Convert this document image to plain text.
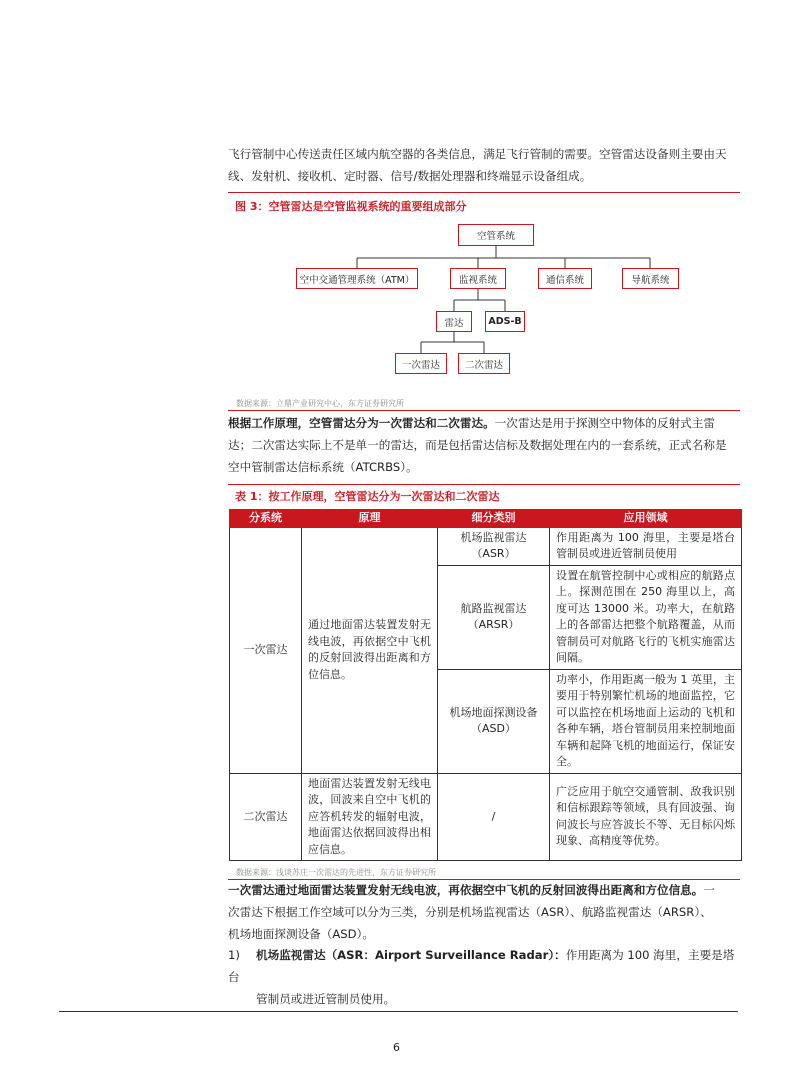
飞行管制中心传送责任区域内航空器的各类信息，满足飞行管制的需要。空管雷达设备则主要由天
线、发射机、接收机、定时器、信号/数据处理器和终端显示设备组成。
图 3：空管雷达是空管监视系统的重要组成部分
空管系统
空中交通管理系统（ATM）	监视系统	通信系统	导航系统
雷达	ADS-B
一次雷达	二次雷达
数据来源：立鼎产业研究中心，东方证券研究所
根据工作原理，空管雷达分为一次雷达和二次雷达。一次雷达是用于探测空中物体的反射式主雷
达；二次雷达实际上不是单一的雷达，而是包括雷达信标及数据处理在内的一套系统，正式名称是
空中管制雷达信标系统（ATCRBS）。
表 1：按工作原理，空管雷达分为一次雷达和二次雷达
分系统	原理	细分类别	应用领域
一次雷达	通过地面雷达装置发射无线电波，再依据空中飞机的反射回波得出距离和方位信息。	机场监视雷达（ASR）	作用距离为 100 海里，主要是塔台管制员或进近管制员使用
		航路监视雷达（ARSR）	设置在航管控制中心或相应的航路点上。探测范围在 250 海里以上，高度可达 13000 米。功率大，在航路上的各部雷达把整个航路覆盖，从而管制员可对航路飞行的飞机实施雷达间隔。
		机场地面探测设备（ASD）	功率小，作用距离一般为 1 英里，主要用于特别繁忙机场的地面监控，它可以监控在机场地面上运动的飞机和各种车辆，塔台管制员用来控制地面车辆和起降飞机的地面运行，保证安全。
二次雷达	地面雷达装置发射无线电波，回波来自空中飞机的应答机转发的辐射电波，地面雷达依据回波得出相应信息。	/	广泛应用于航空交通管制、敌我识别和信标跟踪等领域，具有回波强、询问波长与应答波长不等、无目标闪烁现象、高精度等优势。
数据来源：浅谈苏庄一次雷达的先进性，东方证券研究所
一次雷达通过地面雷达装置发射无线电波，再依据空中飞机的反射回波得出距离和方位信息。一
次雷达下根据工作空域可以分为三类，分别是机场监视雷达（ASR）、航路监视雷达（ARSR）、
机场地面探测设备（ASD）。
1) 机场监视雷达（ASR：Airport Surveillance Radar）：作用距离为 100 海里，主要是塔台
管制员或进近管制员使用。
6
